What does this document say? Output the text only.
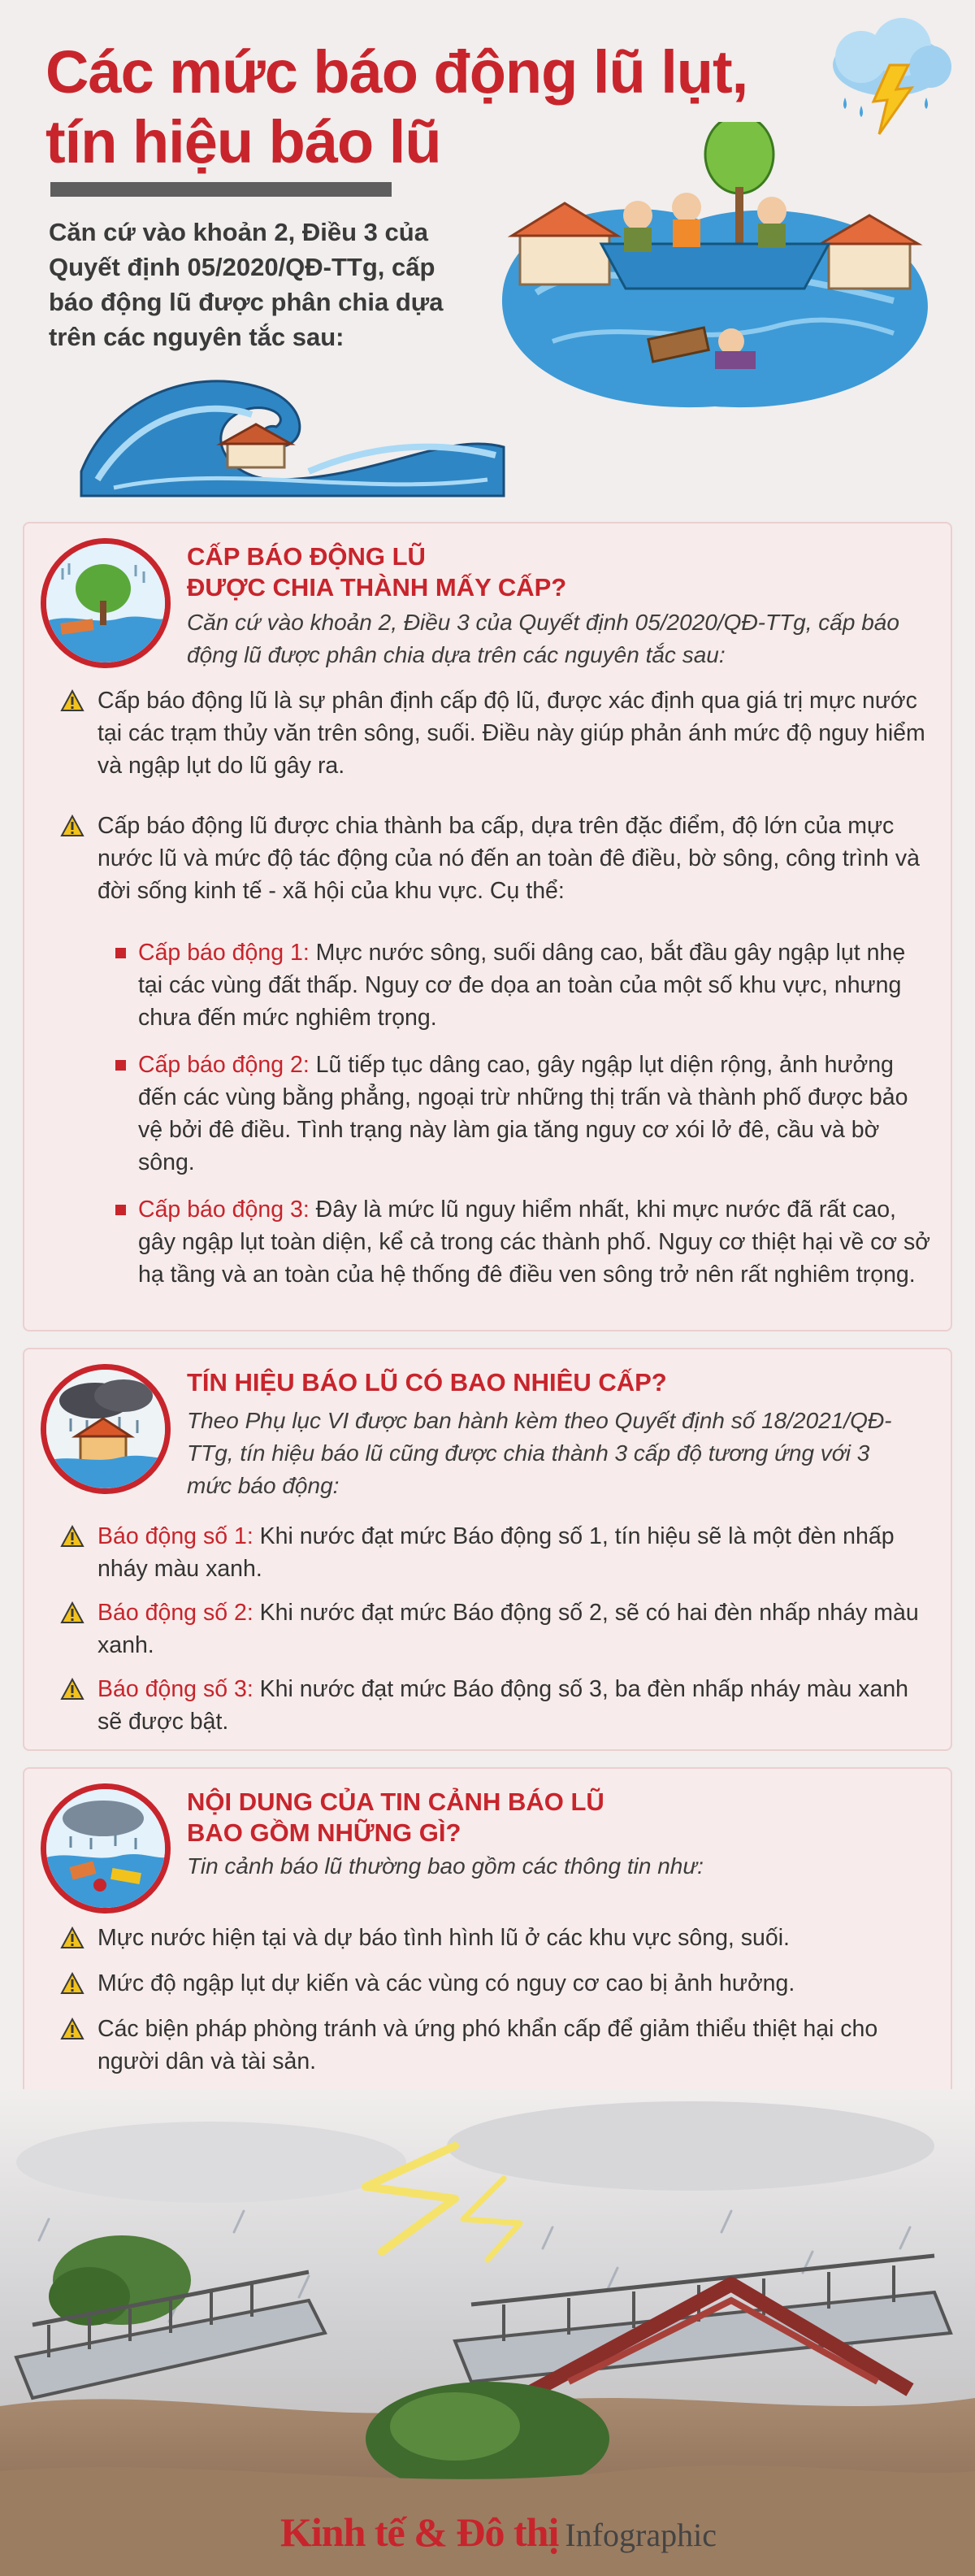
Các mức báo động lũ lụt,
tín hiệu báo lũ
Căn cứ vào khoản 2, Điều 3 của Quyết định 05/2020/QĐ-TTg, cấp báo động lũ được phân chia dựa trên các nguyên tắc sau:
CẤP BÁO ĐỘNG LŨ
ĐƯỢC CHIA THÀNH MẤY CẤP?
Căn cứ vào khoản 2, Điều 3 của Quyết định 05/2020/QĐ-TTg, cấp báo động lũ được phân chia dựa trên các nguyên tắc sau:
Cấp báo động lũ là sự phân định cấp độ lũ, được xác định qua giá trị mực nước tại các trạm thủy văn trên sông, suối. Điều này giúp phản ánh mức độ nguy hiểm và ngập lụt do lũ gây ra.
Cấp báo động lũ được chia thành ba cấp, dựa trên đặc điểm, độ lớn của mực nước lũ và mức độ tác động của nó đến an toàn đê điều, bờ sông, công trình và đời sống kinh tế - xã hội của khu vực. Cụ thể:
Cấp báo động 1: Mực nước sông, suối dâng cao, bắt đầu gây ngập lụt nhẹ tại các vùng đất thấp. Nguy cơ đe dọa an toàn của một số khu vực, nhưng chưa đến mức nghiêm trọng.
Cấp báo động 2: Lũ tiếp tục dâng cao, gây ngập lụt diện rộng, ảnh hưởng đến các vùng bằng phẳng, ngoại trừ những thị trấn và thành phố được bảo vệ bởi đê điều. Tình trạng này làm gia tăng nguy cơ xói lở đê, cầu và bờ sông.
Cấp báo động 3: Đây là mức lũ nguy hiểm nhất, khi mực nước đã rất cao, gây ngập lụt toàn diện, kể cả trong các thành phố. Nguy cơ thiệt hại về cơ sở hạ tầng và an toàn của hệ thống đê điều ven sông trở nên rất nghiêm trọng.
TÍN HIỆU BÁO LŨ CÓ BAO NHIÊU CẤP?
Theo Phụ lục VI được ban hành kèm theo Quyết định số 18/2021/QĐ-TTg, tín hiệu báo lũ cũng được chia thành 3 cấp độ tương ứng với 3 mức báo động:
Báo động số 1: Khi nước đạt mức Báo động số 1, tín hiệu sẽ là một đèn nhấp nháy màu xanh.
Báo động số 2: Khi nước đạt mức Báo động số 2, sẽ có hai đèn nhấp nháy màu xanh.
Báo động số 3: Khi nước đạt mức Báo động số 3, ba đèn nhấp nháy màu xanh sẽ được bật.
NỘI DUNG CỦA TIN CẢNH BÁO LŨ
BAO GỒM NHỮNG GÌ?
Tin cảnh báo lũ thường bao gồm các thông tin như:
Mực nước hiện tại và dự báo tình hình lũ ở các khu vực sông, suối.
Mức độ ngập lụt dự kiến và các vùng có nguy cơ cao bị ảnh hưởng.
Các biện pháp phòng tránh và ứng phó khẩn cấp để giảm thiểu thiệt hại cho người dân và tài sản.
Kinh tế & Đô thị Infographic
